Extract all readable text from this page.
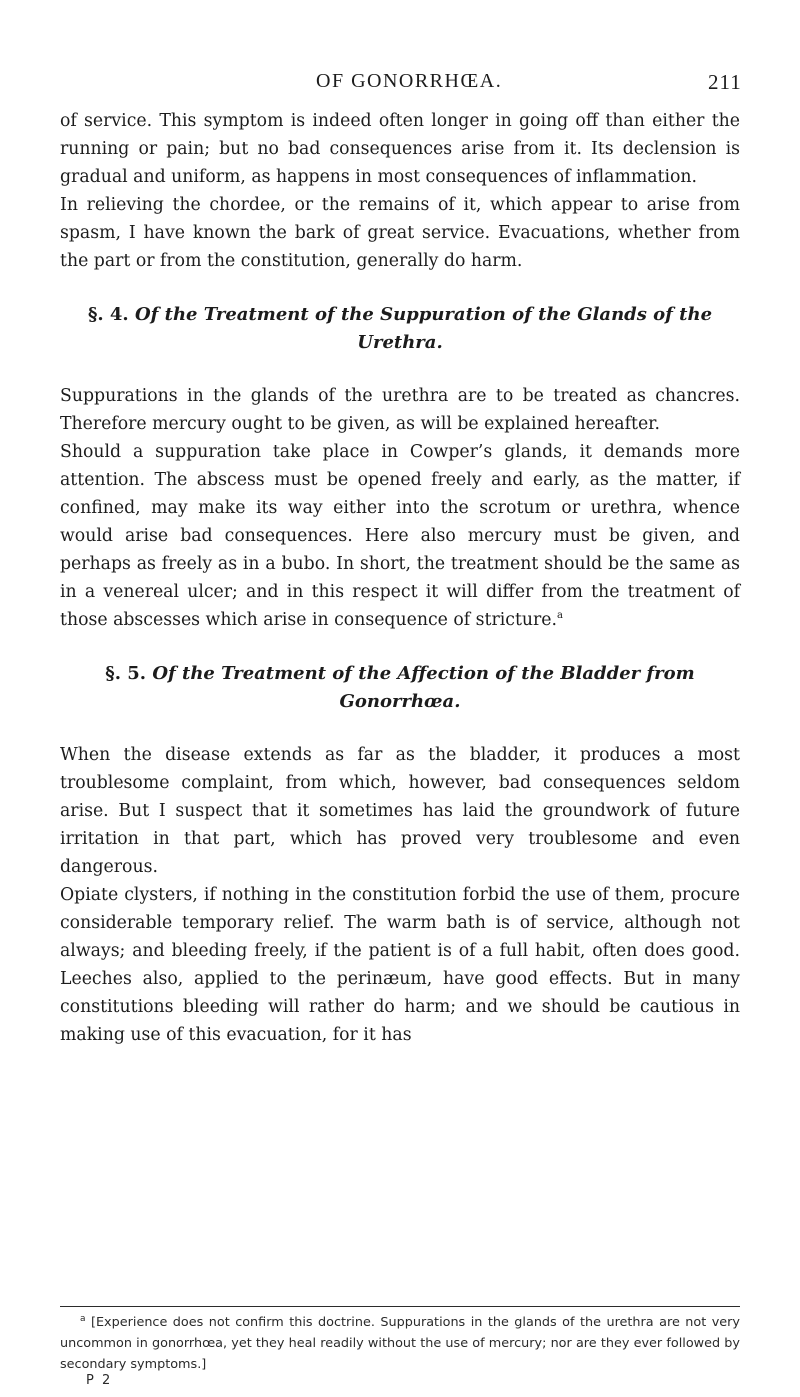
OF GONORRHŒA.	211

of service. This symptom is indeed often longer in going off than either the running or pain; but no bad consequences arise from it. Its declension is gradual and uniform, as happens in most consequences of inflammation.

In relieving the chordee, or the remains of it, which appear to arise from spasm, I have known the bark of great service. Evacuations, whether from the part or from the constitution, generally do harm.

§. 4. Of the Treatment of the Suppuration of the Glands of the Urethra.

Suppurations in the glands of the urethra are to be treated as chancres. Therefore mercury ought to be given, as will be explained hereafter.

Should a suppuration take place in Cowper’s glands, it demands more attention. The abscess must be opened freely and early, as the matter, if confined, may make its way either into the scrotum or urethra, whence would arise bad consequences. Here also mercury must be given, and perhaps as freely as in a bubo. In short, the treatment should be the same as in a venereal ulcer; and in this respect it will differ from the treatment of those abscesses which arise in consequence of stricture.$^a$

§. 5. Of the Treatment of the Affection of the Bladder from Gonorrhœa.

When the disease extends as far as the bladder, it produces a most troublesome complaint, from which, however, bad consequences seldom arise. But I suspect that it sometimes has laid the groundwork of future irritation in that part, which has proved very troublesome and even dangerous.

Opiate clysters, if nothing in the constitution forbid the use of them, procure considerable temporary relief. The warm bath is of service, although not always; and bleeding freely, if the patient is of a full habit, often does good. Leeches also, applied to the perinæum, have good effects. But in many constitutions bleeding will rather do harm; and we should be cautious in making use of this evacuation, for it has

$^a$ [Experience does not confirm this doctrine. Suppurations in the glands of the urethra are not very uncommon in gonorrhœa, yet they heal readily without the use of mercury; nor are they ever followed by secondary symptoms.]
P 2
